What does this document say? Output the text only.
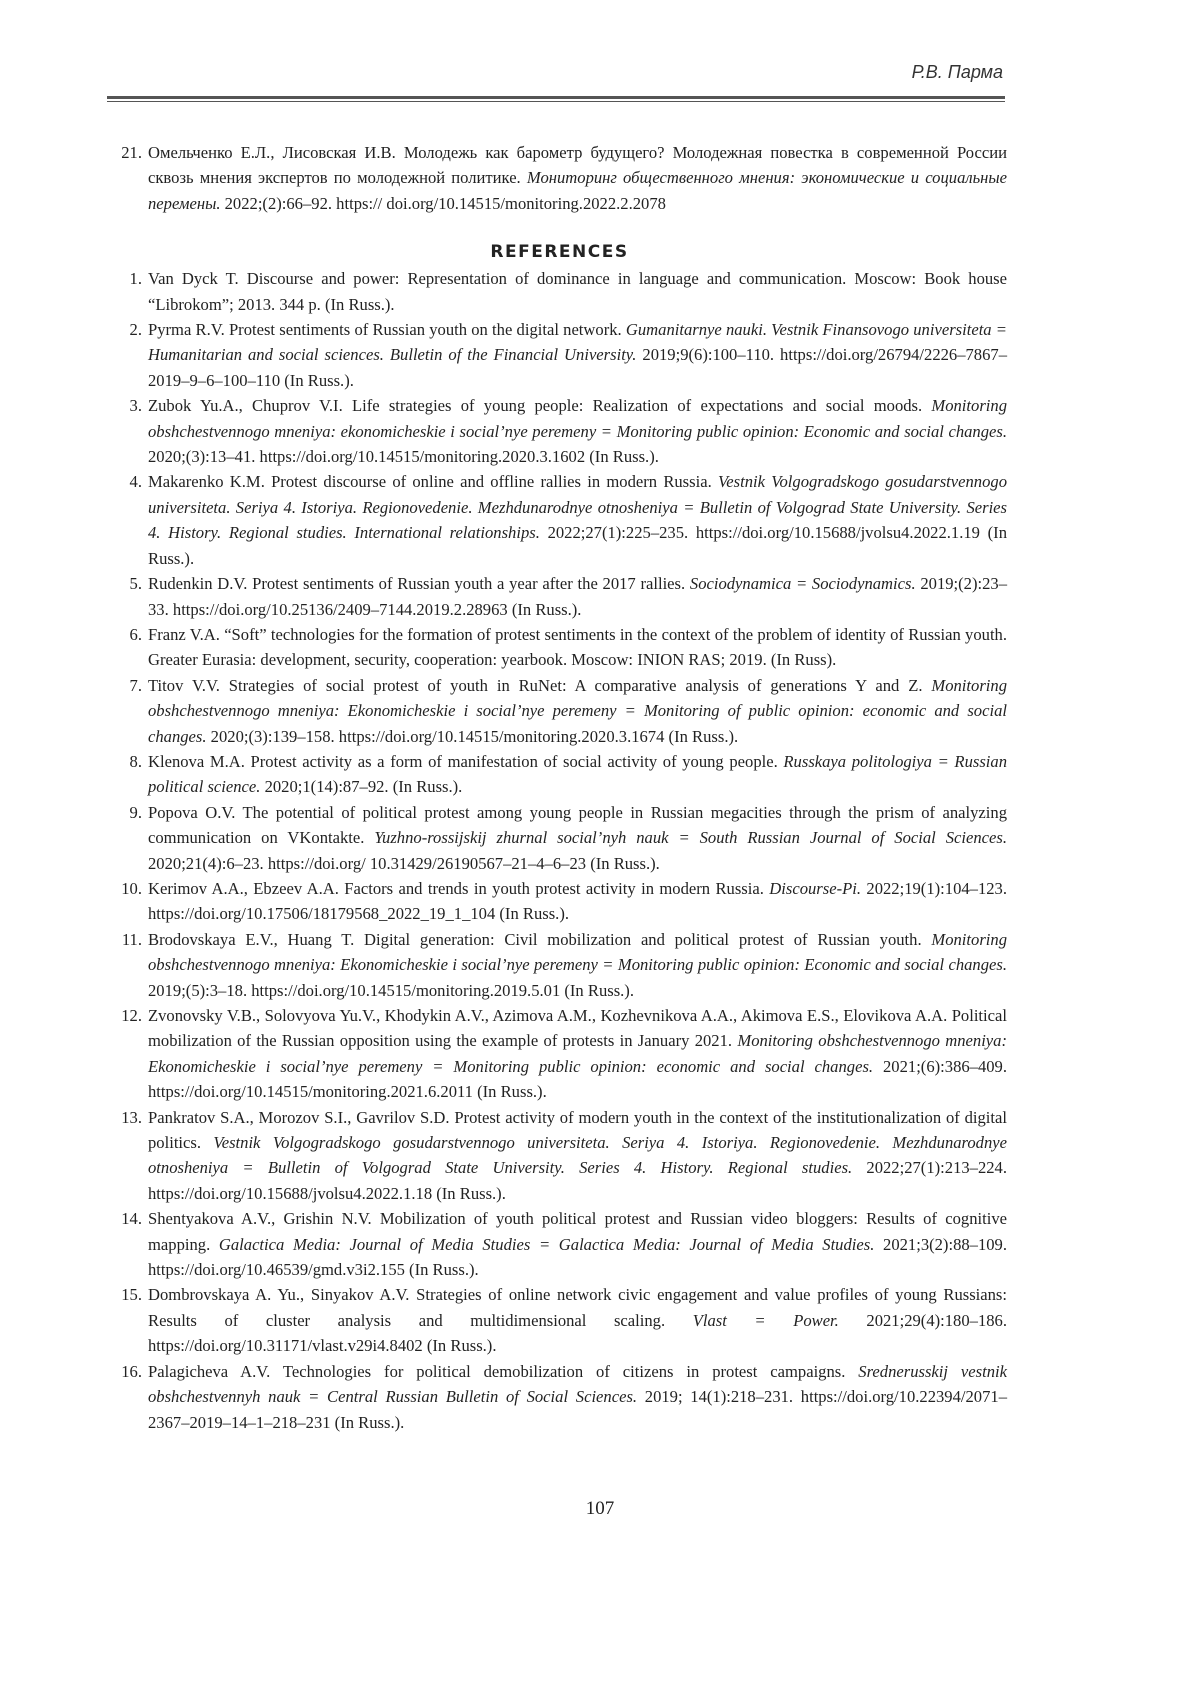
Р.В. Парма
21. Омельченко Е.Л., Лисовская И.В. Молодежь как барометр будущего? Молодежная повестка в современной России сквозь мнения экспертов по молодежной политике. Мониторинг общественного мнения: экономические и социальные перемены. 2022;(2):66–92. https:// doi.org/10.14515/monitoring.2022.2.2078
REFERENCES
1. Van Dyck T. Discourse and power: Representation of dominance in language and communication. Moscow: Book house “Librokom”; 2013. 344 p. (In Russ.).
2. Pyrma R.V. Protest sentiments of Russian youth on the digital network. Gumanitarnye nauki. Vestnik Finansovogo universiteta = Humanitarian and social sciences. Bulletin of the Financial University. 2019;9(6):100–110. https://doi.org/26794/2226–7867–2019–9–6–100–110 (In Russ.).
3. Zubok Yu.A., Chuprov V.I. Life strategies of young people: Realization of expectations and social moods. Monitoring obshchestvennogo mneniya: ekonomicheskie i social’nye peremeny = Monitoring public opinion: Economic and social changes. 2020;(3):13–41. https://doi.org/10.14515/monitoring.2020.3.1602 (In Russ.).
4. Makarenko K.M. Protest discourse of online and offline rallies in modern Russia. Vestnik Volgogradskogo gosudarstvennogo universiteta. Seriya 4. Istoriya. Regionovedenie. Mezhdunarodnye otnosheniya = Bulletin of Volgograd State University. Series 4. History. Regional studies. International relationships. 2022;27(1):225–235. https://doi.org/10.15688/jvolsu4.2022.1.19 (In Russ.).
5. Rudenkin D.V. Protest sentiments of Russian youth a year after the 2017 rallies. Sociodynamica = Sociodynamics. 2019;(2):23–33. https://doi.org/10.25136/2409–7144.2019.2.28963 (In Russ.).
6. Franz V.A. “Soft” technologies for the formation of protest sentiments in the context of the problem of identity of Russian youth. Greater Eurasia: development, security, cooperation: yearbook. Moscow: INION RAS; 2019. (In Russ).
7. Titov V.V. Strategies of social protest of youth in RuNet: A comparative analysis of generations Y and Z. Monitoring obshchestvennogo mneniya: Ekonomicheskie i social’nye peremeny = Monitoring of public opinion: economic and social changes. 2020;(3):139–158. https://doi.org/10.14515/monitoring.2020.3.1674 (In Russ.).
8. Klenova M.A. Protest activity as a form of manifestation of social activity of young people. Russkaya politologiya = Russian political science. 2020;1(14):87–92. (In Russ.).
9. Popova O.V. The potential of political protest among young people in Russian megacities through the prism of analyzing communication on VKontakte. Yuzhno-rossijskij zhurnal social’nyh nauk = South Russian Journal of Social Sciences. 2020;21(4):6–23. https://doi.org/ 10.31429/26190567–21–4–6–23 (In Russ.).
10. Kerimov A.A., Ebzeev A.A. Factors and trends in youth protest activity in modern Russia. Discourse-Pi. 2022;19(1):104–123. https://doi.org/10.17506/18179568_2022_19_1_104 (In Russ.).
11. Brodovskaya E.V., Huang T. Digital generation: Civil mobilization and political protest of Russian youth. Monitoring obshchestvennogo mneniya: Ekonomicheskie i social’nye peremeny = Monitoring public opinion: Economic and social changes. 2019;(5):3–18. https://doi.org/10.14515/monitoring.2019.5.01 (In Russ.).
12. Zvonovsky V.B., Solovyova Yu.V., Khodykin A.V., Azimova A.M., Kozhevnikova A.A., Akimova E.S., Elovikova A.A. Political mobilization of the Russian opposition using the example of protests in January 2021. Monitoring obshchestvennogo mneniya: Ekonomicheskie i social’nye peremeny = Monitoring public opinion: economic and social changes. 2021;(6):386–409. https://doi.org/10.14515/monitoring.2021.6.2011 (In Russ.).
13. Pankratov S.A., Morozov S.I., Gavrilov S.D. Protest activity of modern youth in the context of the institutionalization of digital politics. Vestnik Volgogradskogo gosudarstvennogo universiteta. Seriya 4. Istoriya. Regionovedenie. Mezhdunarodnye otnosheniya = Bulletin of Volgograd State University. Series 4. History. Regional studies. 2022;27(1):213–224. https://doi.org/10.15688/jvolsu4.2022.1.18 (In Russ.).
14. Shentyakova A.V., Grishin N.V. Mobilization of youth political protest and Russian video bloggers: Results of cognitive mapping. Galactica Media: Journal of Media Studies = Galactica Media: Journal of Media Studies. 2021;3(2):88–109. https://doi.org/10.46539/gmd.v3i2.155 (In Russ.).
15. Dombrovskaya A. Yu., Sinyakov A.V. Strategies of online network civic engagement and value profiles of young Russians: Results of cluster analysis and multidimensional scaling. Vlast = Power. 2021;29(4):180–186. https://doi.org/10.31171/vlast.v29i4.8402 (In Russ.).
16. Palagicheva A.V. Technologies for political demobilization of citizens in protest campaigns. Srednerusskij vestnik obshchestvennyh nauk = Central Russian Bulletin of Social Sciences. 2019; 14(1):218–231. https://doi.org/10.22394/2071–2367–2019–14–1–218–231 (In Russ.).
107
